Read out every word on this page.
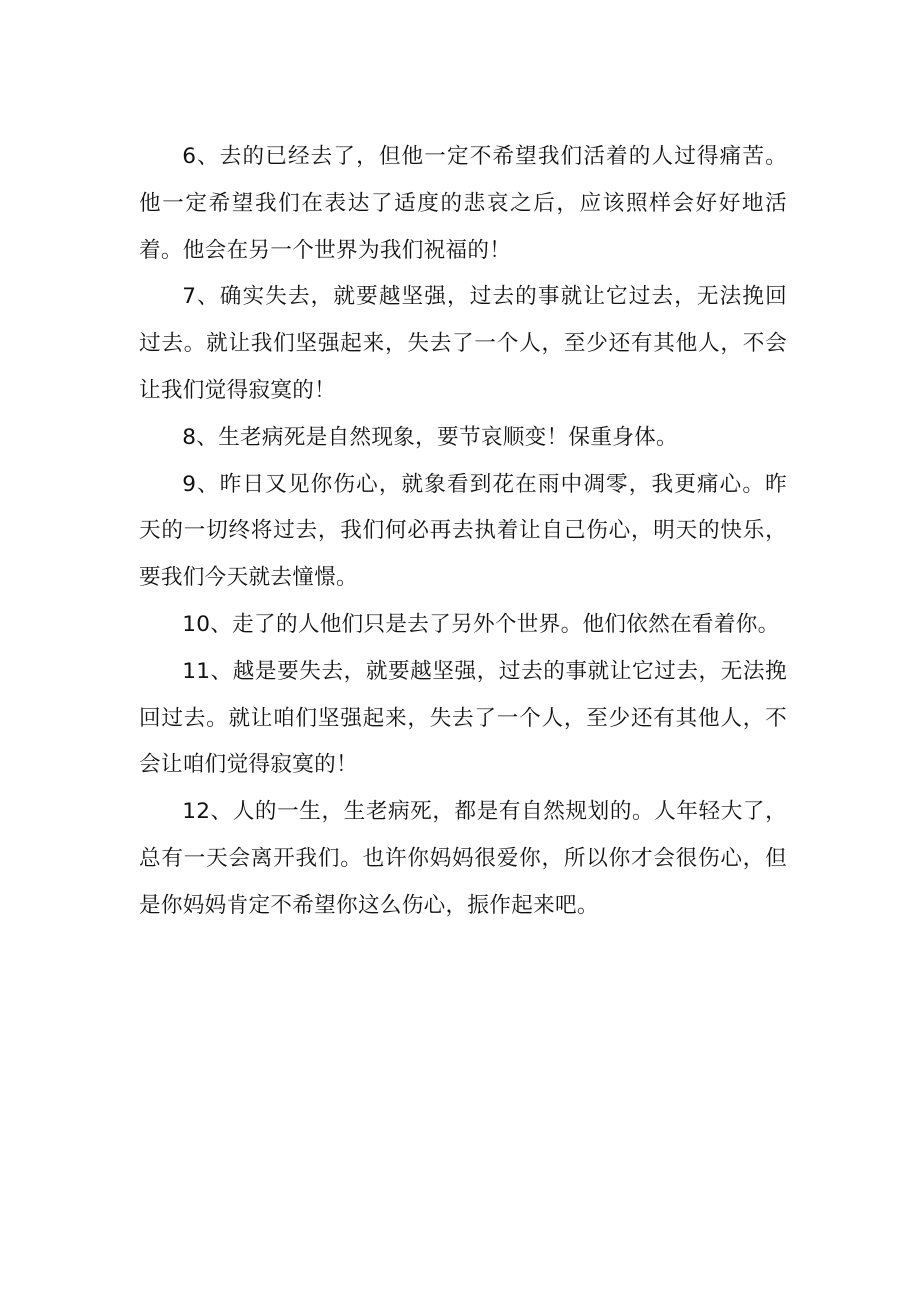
6、去的已经去了，但他一定不希望我们活着的人过得痛苦。他一定希望我们在表达了适度的悲哀之后，应该照样会好好地活着。他会在另一个世界为我们祝福的！

7、确实失去，就要越坚强，过去的事就让它过去，无法挽回过去。就让我们坚强起来，失去了一个人，至少还有其他人，不会让我们觉得寂寞的！

8、生老病死是自然现象，要节哀顺变！保重身体。

9、昨日又见你伤心，就象看到花在雨中凋零，我更痛心。昨天的一切终将过去，我们何必再去执着让自己伤心，明天的快乐，要我们今天就去憧憬。

10、走了的人他们只是去了另外个世界。他们依然在看着你。

11、越是要失去，就要越坚强，过去的事就让它过去，无法挽回过去。就让咱们坚强起来，失去了一个人，至少还有其他人，不会让咱们觉得寂寞的！

12、人的一生，生老病死，都是有自然规划的。人年轻大了，总有一天会离开我们。也许你妈妈很爱你，所以你才会很伤心，但是你妈妈肯定不希望你这么伤心，振作起来吧。
